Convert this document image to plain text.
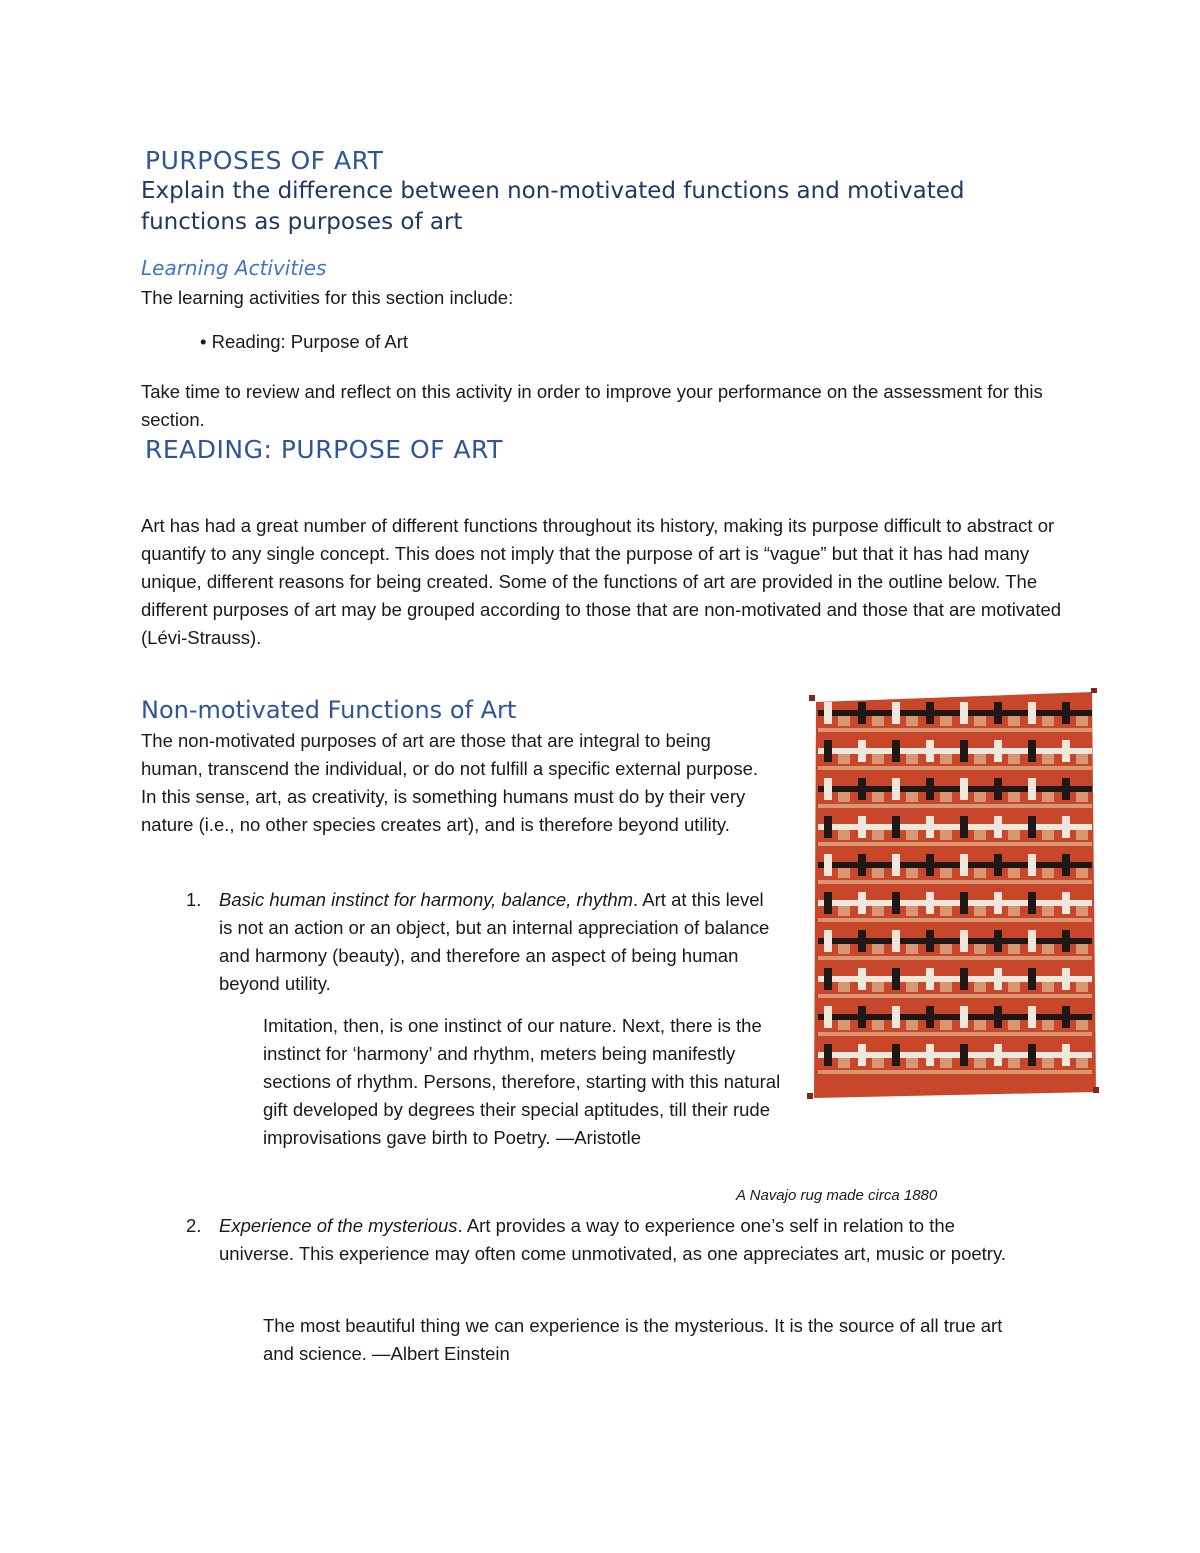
PURPOSES OF ART
Explain the difference between non-motivated functions and motivated functions as purposes of art
Learning Activities

The learning activities for this section include:

• Reading: Purpose of Art

Take time to review and reflect on this activity in order to improve your performance on the assessment for this section.

READING: PURPOSE OF ART

Art has had a great number of different functions throughout its history, making its purpose difficult to abstract or quantify to any single concept. This does not imply that the purpose of art is “vague” but that it has had many unique, different reasons for being created. Some of the functions of art are provided in the outline below. The different purposes of art may be grouped according to those that are non-motivated and those that are motivated (Lévi-Strauss).

Non-motivated Functions of Art

The non-motivated purposes of art are those that are integral to being human, transcend the individual, or do not fulfill a specific external purpose. In this sense, art, as creativity, is something humans must do by their very nature (i.e., no other species creates art), and is therefore beyond utility.

1. Basic human instinct for harmony, balance, rhythm. Art at this level is not an action or an object, but an internal appreciation of balance and harmony (beauty), and therefore an aspect of being human beyond utility.

Imitation, then, is one instinct of our nature. Next, there is the instinct for ‘harmony’ and rhythm, meters being manifestly sections of rhythm. Persons, therefore, starting with this natural gift developed by degrees their special aptitudes, till their rude improvisations gave birth to Poetry. —Aristotle

A Navajo rug made circa 1880

2. Experience of the mysterious. Art provides a way to experience one’s self in relation to the universe. This experience may often come unmotivated, as one appreciates art, music or poetry.

The most beautiful thing we can experience is the mysterious. It is the source of all true art and science. —Albert Einstein
